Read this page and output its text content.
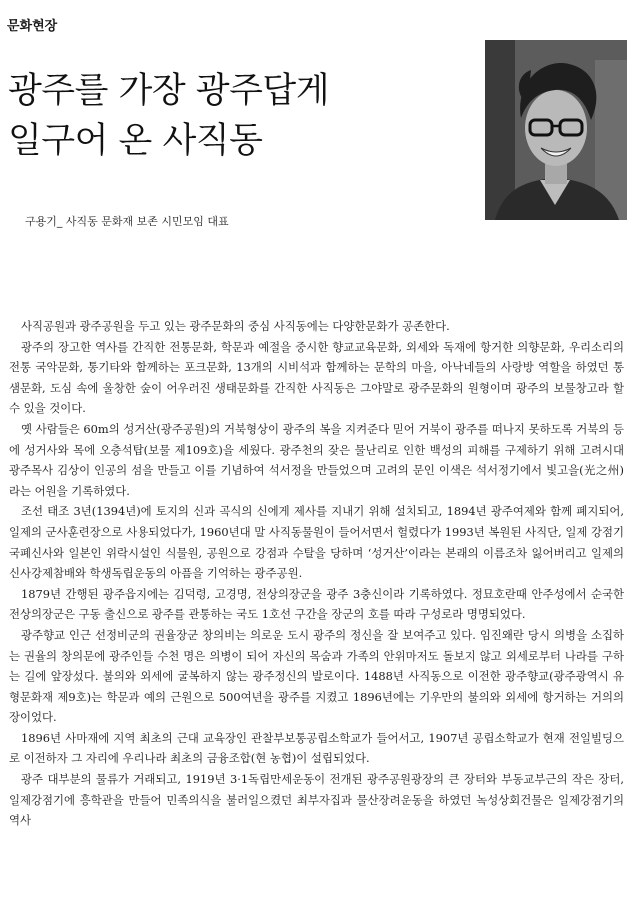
문화현장
광주를 가장 광주답게
일구어 온 사직동
구용기_ 사직동 문화재 보존 시민모임 대표

사직공원과 광주공원을 두고 있는 광주문화의 중심 사직동에는 다양한문화가 공존한다.

광주의 장고한 역사를 간직한 전통문화, 학문과 예절을 중시한 향교교육문화, 외세와 독재에 항거한 의향문화, 우리소리의 전통 국악문화, 통기타와 함께하는 포크문화, 13개의 시비석과 함께하는 문학의 마을, 아낙네들의 사랑방 역할을 하였던 통샘문화, 도심 속에 울창한 숲이 어우러진 생태문화를 간직한 사직동은 그야말로 광주문화의 원형이며 광주의 보물창고라 할 수 있을 것이다.

옛 사람들은 60m의 성거산(광주공원)의 거북형상이 광주의 복을 지켜준다 믿어 거북이 광주를 떠나지 못하도록 거북의 등에 성거사와 목에 오층석탑(보물 제109호)을 세웠다. 광주천의 잦은 물난리로 인한 백성의 피해를 구제하기 위해 고려시대 광주목사 김상이 인공의 섬을 만들고 이를 기념하여 석서정을 만들었으며 고려의 문인 이색은 석서정기에서 빛고을(光之州)라는 어원을 기록하였다.

조선 태조 3년(1394년)에 토지의 신과 곡식의 신에게 제사를 지내기 위해 설치되고, 1894년 광주여제와 함께 폐지되어, 일제의 군사훈련장으로 사용되었다가, 1960년대 말 사직동물원이 들어서면서 헐렸다가 1993년 복원된 사직단, 일제 강점기 국폐신사와 일본인 위락시설인 식물원, 공원으로 강점과 수탈을 당하며 ‘성거산’이라는 본래의 이름조차 잃어버리고 일제의 신사강제참배와 학생독립운동의 아픔을 기억하는 광주공원.

1879년 간행된 광주읍지에는 김덕령, 고경명, 전상의장군을 광주 3충신이라 기록하였다. 정묘호란때 안주성에서 순국한 전상의장군은 구동 출신으로 광주를 관통하는 국도 1호선 구간을 장군의 호를 따라 구성로라 명명되었다.

광주향교 인근 선정비군의 권율장군 창의비는 의로운 도시 광주의 정신을 잘 보여주고 있다. 임진왜란 당시 의병을 소집하는 권율의 창의문에 광주인들 수천 명은 의병이 되어 자신의 목숨과 가족의 안위마저도 돌보지 않고 외세로부터 나라를 구하는 길에 앞장섰다. 불의와 외세에 굴복하지 않는 광주정신의 발로이다. 1488년 사직동으로 이전한 광주향교(광주광역시 유형문화재 제9호)는 학문과 예의 근원으로 500여년을 광주를 지켰고 1896년에는 기우만의 불의와 외세에 항거하는 거의의 장이었다.

1896년 사마재에 지역 최초의 근대 교육장인 관찰부보통공립소학교가 들어서고, 1907년 공립소학교가 현재 전일빌딩으로 이전하자 그 자리에 우리나라 최초의 금융조합(현 농협)이 설립되었다.

광주 대부분의 물류가 거래되고, 1919년 3·1독립만세운동이 전개된 광주공원광장의 큰 장터와 부동교부근의 작은 장터, 일제강점기에 흥학관을 만들어 민족의식을 불러일으켰던 최부자집과 물산장려운동을 하였던 녹성상회건물은 일제강점기의 역사
